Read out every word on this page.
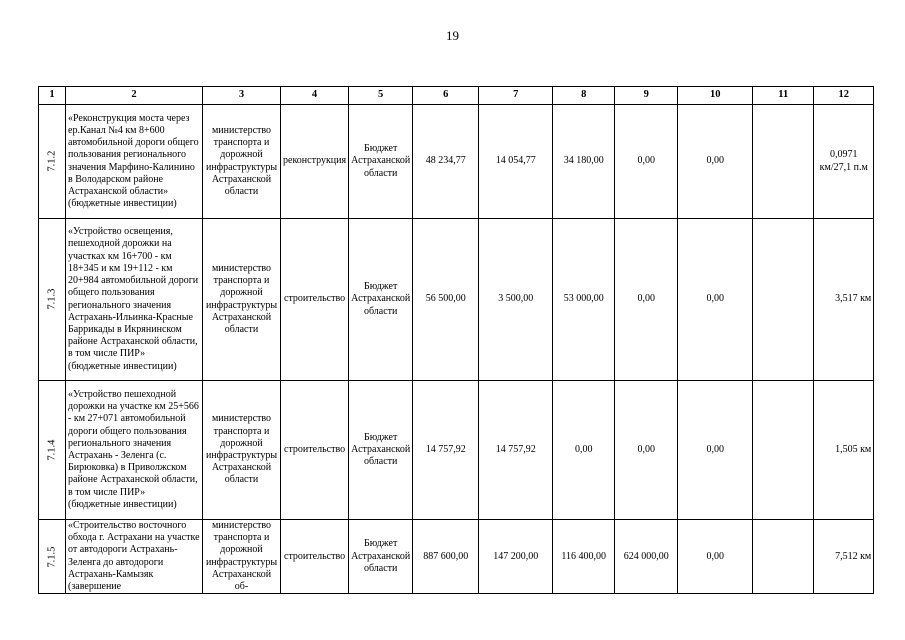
19
1	2	3	4	5	6	7	8	9	10	11	12
7.1.2	«Реконструкция моста через ер.Канал №4 км 8+600 автомобильной дороги общего пользования регионального значения Марфино-Калинино в Володарском районе Астраханской области» (бюджетные инвестиции)	министерство транспорта и дорожной инфраструктуры Астраханской области	реконструкция	Бюджет Астраханской области	48 234,77	14 054,77	34 180,00	0,00	0,00		0,0971 км/27,1 п.м
7.1.3	«Устройство освещения, пешеходной дорожки на участках км 16+700 - км 18+345 и км 19+112 - км 20+984 автомобильной дороги общего пользования регионального значения Астрахань-Ильинка-Красные Баррикады в Икрянинском районе Астраханской области, в том числе ПИР» (бюджетные инвестиции)	министерство транспорта и дорожной инфраструктуры Астраханской области	строительство	Бюджет Астраханской области	56 500,00	3 500,00	53 000,00	0,00	0,00		3,517 км
7.1.4	«Устройство пешеходной дорожки на участке км 25+566 - км 27+071 автомобильной дороги общего пользования регионального значения Астрахань - Зеленга (с. Бирюковка) в Приволжском районе Астраханской области, в том числе ПИР» (бюджетные инвестиции)	министерство транспорта и дорожной инфраструктуры Астраханской области	строительство	Бюджет Астраханской области	14 757,92	14 757,92	0,00	0,00	0,00		1,505 км
7.1.5	«Строительство восточного обхода г. Астрахани на участке от автодороги Астрахань-Зеленга до автодороги Астрахань-Камызяк (завершение	министерство транспорта и дорожной инфраструктуры Астраханской об-	строительство	Бюджет Астраханской области	887 600,00	147 200,00	116 400,00	624 000,00	0,00		7,512 км
